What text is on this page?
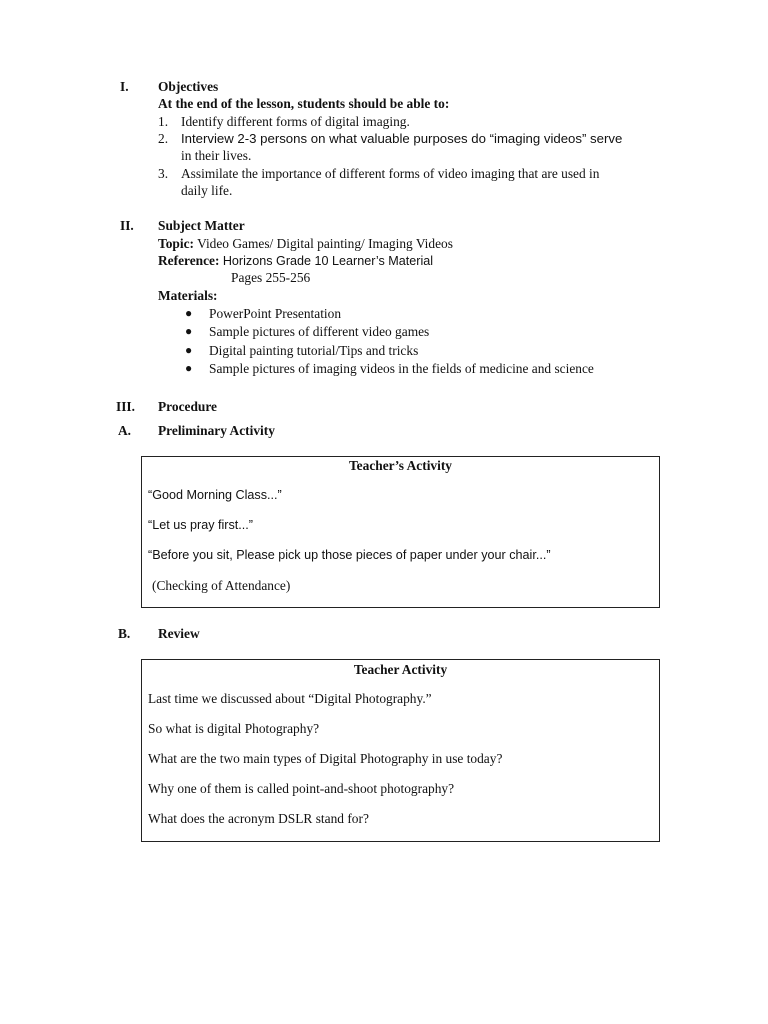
I. Objectives
At the end of the lesson, students should be able to:
1. Identify different forms of digital imaging.
2. Interview 2-3 persons on what valuable purposes do “imaging videos” serve
in their lives.
3. Assimilate the importance of different forms of video imaging that are used in
daily life.
II. Subject Matter
Topic: Video Games/ Digital painting/ Imaging Videos
Reference: Horizons Grade 10 Learner’s Material
Pages 255-256
Materials:
● PowerPoint Presentation
● Sample pictures of different video games
● Digital painting tutorial/Tips and tricks
● Sample pictures of imaging videos in the fields of medicine and science
III. Procedure
A. Preliminary Activity
Teacher’s Activity
“Good Morning Class...”
“Let us pray first...”
“Before you sit, Please pick up those pieces of paper under your chair...”
(Checking of Attendance)
B. Review
Teacher Activity
Last time we discussed about “Digital Photography.”
So what is digital Photography?
What are the two main types of Digital Photography in use today?
Why one of them is called point-and-shoot photography?
What does the acronym DSLR stand for?
